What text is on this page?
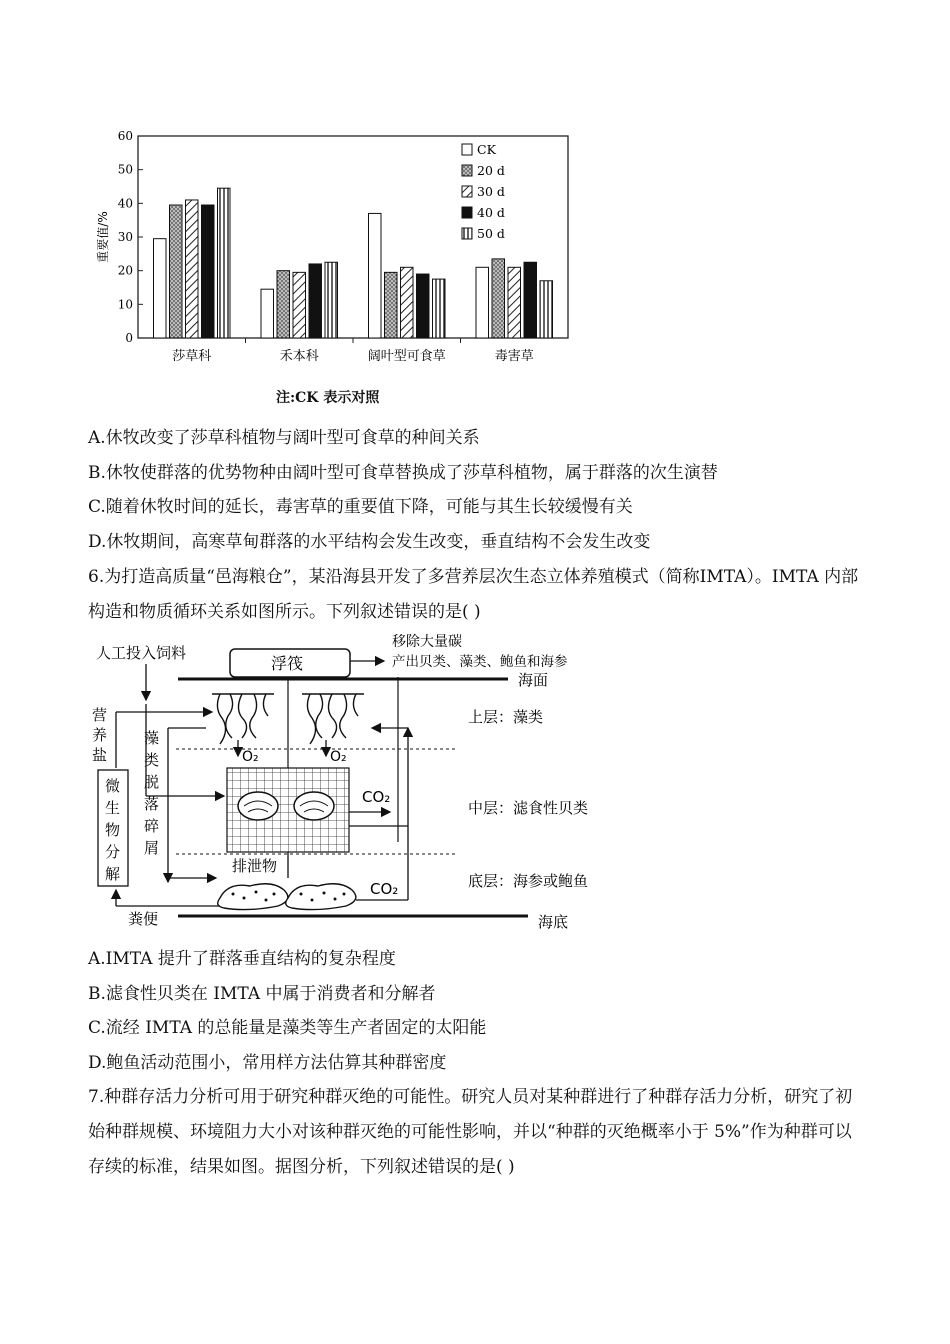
0
10
20
30
40
50
60
重要值/%
莎草科	禾本科	阔叶型可食草	毒害草
CK
20 d
30 d
40 d
50 d
注:CK 表示对照
A.休牧改变了莎草科植物与阔叶型可食草的种间关系
B.休牧使群落的优势物种由阔叶型可食草替换成了莎草科植物，属于群落的次生演替
C.随着休牧时间的延长，毒害草的重要值下降，可能与其生长较缓慢有关
D.休牧期间，高寒草甸群落的水平结构会发生改变，垂直结构不会发生改变
6.为打造高质量“邑海粮仓”，某沿海县开发了多营养层次生态立体养殖模式（简称IMTA）。IMTA 内部构造和物质循环关系如图所示。下列叙述错误的是( )
人工投入饲料
浮筏
移除大量碳
产出贝类、藻类、鲍鱼和海参
海面
O₂	O₂
CO₂
营
养
盐
微
生
物
分
解
藻
类
脱
落
碎
屑
排泄物
CO₂
粪便	海底
上层：藻类
中层：滤食性贝类
底层：海参或鲍鱼
A.IMTA 提升了群落垂直结构的复杂程度
B.滤食性贝类在 IMTA 中属于消费者和分解者
C.流经 IMTA 的总能量是藻类等生产者固定的太阳能
D.鲍鱼活动范围小，常用样方法估算其种群密度
7.种群存活力分析可用于研究种群灭绝的可能性。研究人员对某种群进行了种群存活力分析，研究了初始种群规模、环境阻力大小对该种群灭绝的可能性影响，并以“种群的灭绝概率小于 5%”作为种群可以存续的标准，结果如图。据图分析，下列叙述错误的是( )
